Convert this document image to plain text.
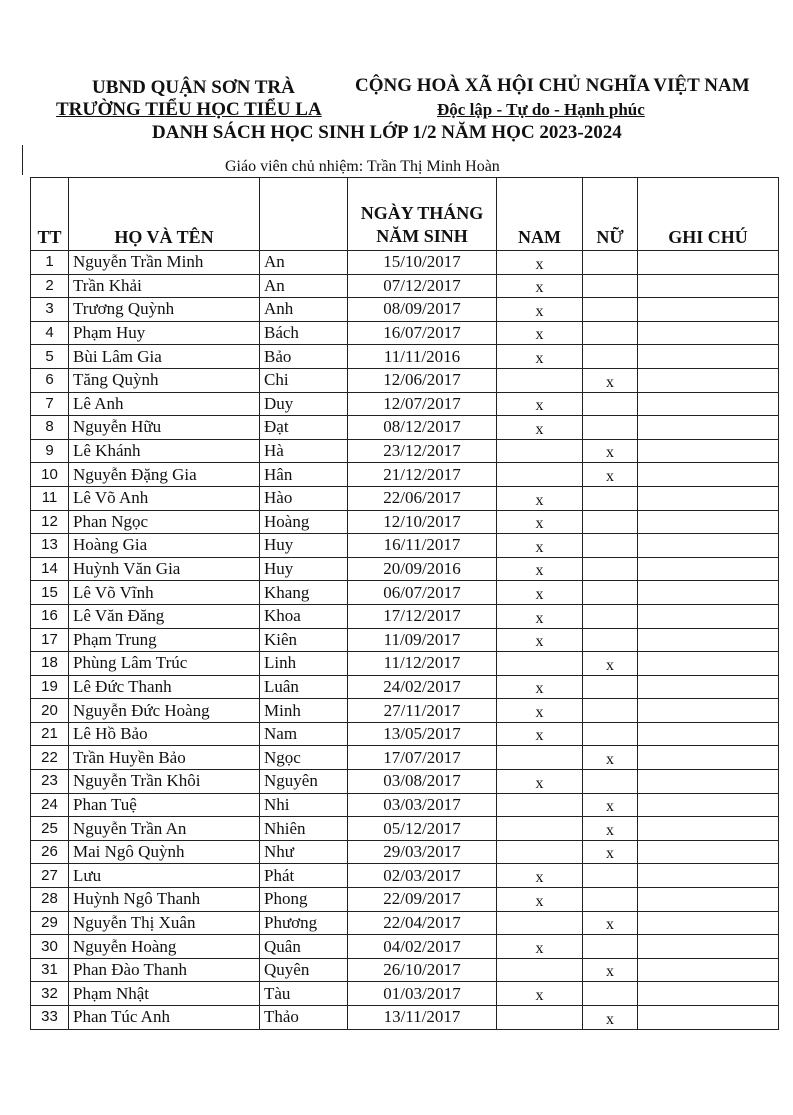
UBND QUẬN SƠN TRÀ
TRƯỜNG TIỂU HỌC TIỂU LA
CỘNG HOÀ XÃ HỘI CHỦ NGHĨA VIỆT NAM
Độc lập - Tự do - Hạnh phúc
DANH SÁCH HỌC SINH LỚP 1/2 NĂM HỌC 2023-2024
Giáo viên chủ nhiệm: Trần Thị Minh Hoàn
TT	HỌ VÀ TÊN		NGÀY THÁNG
NĂM SINH	NAM	NỮ	GHI CHÚ
1	Nguyễn Trần Minh	An	15/10/2017	x		
2	Trần Khải	An	07/12/2017	x		
3	Trương Quỳnh	Anh	08/09/2017	x		
4	Phạm Huy	Bách	16/07/2017	x		
5	Bùi Lâm Gia	Bảo	11/11/2016	x		
6	Tăng Quỳnh	Chi	12/06/2017		x	
7	Lê Anh	Duy	12/07/2017	x		
8	Nguyễn Hữu	Đạt	08/12/2017	x		
9	Lê Khánh	Hà	23/12/2017		x	
10	Nguyễn Đặng Gia	Hân	21/12/2017		x	
11	Lê Võ Anh	Hào	22/06/2017	x		
12	Phan Ngọc	Hoàng	12/10/2017	x		
13	Hoàng Gia	Huy	16/11/2017	x		
14	Huỳnh Văn Gia	Huy	20/09/2016	x		
15	Lê Võ Vĩnh	Khang	06/07/2017	x		
16	Lê Văn Đăng	Khoa	17/12/2017	x		
17	Phạm Trung	Kiên	11/09/2017	x		
18	Phùng Lâm Trúc	Linh	11/12/2017		x	
19	Lê Đức Thanh	Luân	24/02/2017	x		
20	Nguyễn Đức Hoàng	Minh	27/11/2017	x		
21	Lê Hồ Bảo	Nam	13/05/2017	x		
22	Trần Huyền Bảo	Ngọc	17/07/2017		x	
23	Nguyễn Trần Khôi	Nguyên	03/08/2017	x		
24	Phan Tuệ	Nhi	03/03/2017		x	
25	Nguyễn Trần An	Nhiên	05/12/2017		x	
26	Mai Ngô Quỳnh	Như	29/03/2017		x	
27	Lưu	Phát	02/03/2017	x		
28	Huỳnh Ngô Thanh	Phong	22/09/2017	x		
29	Nguyễn Thị Xuân	Phương	22/04/2017		x	
30	Nguyễn Hoàng	Quân	04/02/2017	x		
31	Phan Đào Thanh	Quyên	26/10/2017		x	
32	Phạm Nhật	Tàu	01/03/2017	x		
33	Phan Túc Anh	Thảo	13/11/2017		x	
